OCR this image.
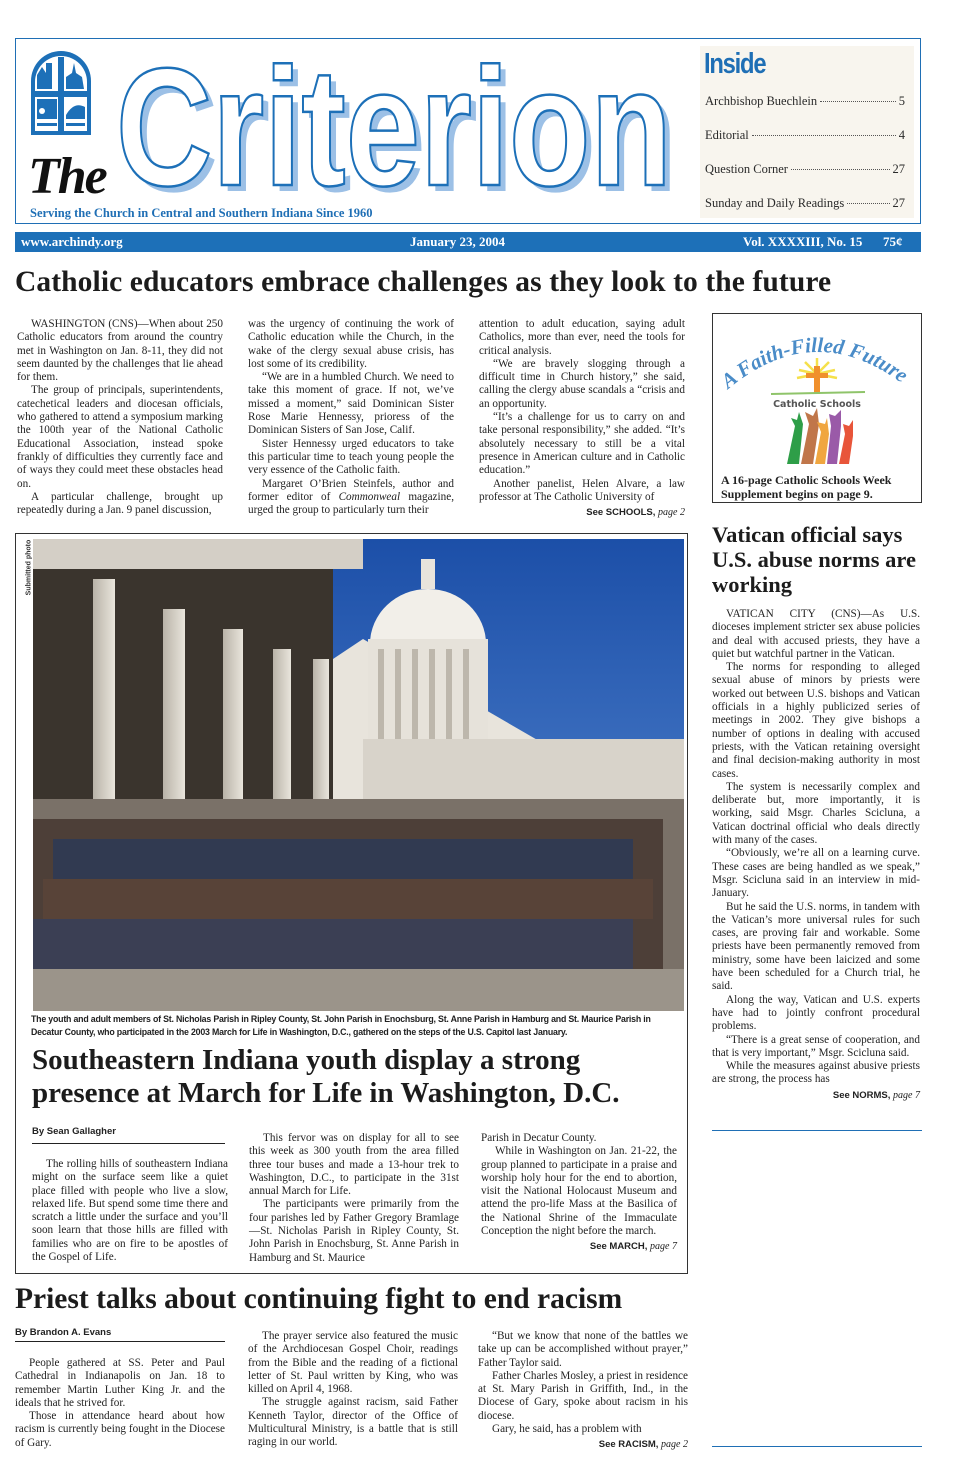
The Criterion
Criterion
Serving the Church in Central and Southern Indiana Since 1960
Inside
Archbishop Buechlein	5
Editorial	4
Question Corner	27
Sunday and Daily Readings	27
www.archindy.org	January 23, 2004	Vol. XXXXIII, No. 15 75¢
Catholic educators embrace challenges as they look to the future

WASHINGTON (CNS)—When about 250 Catholic educators from around the country met in Washington on Jan. 8-11, they did not seem daunted by the challenges that lie ahead for them.

The group of principals, superintendents, catechetical leaders and diocesan officials, who gathered to attend a symposium marking the 100th year of the National Catholic Educational Association, instead spoke frankly of difficulties they currently face and of ways they could meet these obstacles head on.

A particular challenge, brought up repeatedly during a Jan. 9 panel discussion,

was the urgency of continuing the work of Catholic education while the Church, in the wake of the clergy sexual abuse crisis, has lost some of its credibility.

“We are in a humbled Church. We need to take this moment of grace. If not, we’ve missed a moment,” said Dominican Sister Rose Marie Hennessy, prioress of the Dominican Sisters of San Jose, Calif.

Sister Hennessy urged educators to take this particular time to teach young people the very essence of the Catholic faith.

Margaret O’Brien Steinfels, author and former editor of Commonweal magazine, urged the group to particularly turn their

attention to adult education, saying adult Catholics, more than ever, need the tools for critical analysis.

“We are bravely slogging through a difficult time in Church history,” she said, calling the clergy abuse scandals a “crisis and an opportunity.

“It’s a challenge for us to carry on and take personal responsibility,” she added. “It’s absolutely necessary to still be a vital presence in American culture and in Catholic education.”

Another panelist, Helen Alvare, a law professor at The Catholic University of

See SCHOOLS, page 2
A Faith-Filled Future
Catholic Schools
A 16-page Catholic Schools Week Supplement begins on page 9.
Vatican official says U.S. abuse norms are working

VATICAN CITY (CNS)—As U.S. dioceses implement stricter sex abuse policies and deal with accused priests, they have a quiet but watchful partner in the Vatican.

The norms for responding to alleged sexual abuse of minors by priests were worked out between U.S. bishops and Vatican officials in a highly publicized series of meetings in 2002. They give bishops a number of options in dealing with accused priests, with the Vatican retaining oversight and final decision-making authority in most cases.

The system is necessarily complex and deliberate but, more importantly, it is working, said Msgr. Charles Scicluna, a Vatican doctrinal official who deals directly with many of the cases.

“Obviously, we’re all on a learning curve. These cases are being handled as we speak,” Msgr. Scicluna said in an interview in mid-January.

But he said the U.S. norms, in tandem with the Vatican’s more universal rules for such cases, are proving fair and workable. Some priests have been permanently removed from ministry, some have been laicized and some have been scheduled for a Church trial, he said.

Along the way, Vatican and U.S. experts have had to jointly confront procedural problems.

“There is a great sense of cooperation, and that is very important,” Msgr. Scicluna said.

While the measures against abusive priests are strong, the process has

See NORMS, page 7
Submitted photo
The youth and adult members of St. Nicholas Parish in Ripley County, St. John Parish in Enochsburg, St. Anne Parish in Hamburg and St. Maurice Parish in Decatur County, who participated in the 2003 March for Life in Washington, D.C., gathered on the steps of the U.S. Capitol last January.
Southeastern Indiana youth display a strong presence at March for Life in Washington, D.C.
By Sean Gallagher

The rolling hills of southeastern Indiana might on the surface seem like a quiet place filled with people who live a slow, relaxed life. But spend some time there and scratch a little under the surface and you’ll soon learn that those hills are filled with families who are on fire to be apostles of the Gospel of Life.

This fervor was on display for all to see this week as 300 youth from the area filled three tour buses and made a 13-hour trek to Washington, D.C., to participate in the 31st annual March for Life.

The participants were primarily from the four parishes led by Father Gregory Bramlage—St. Nicholas Parish in Ripley County, St. John Parish in Enochsburg, St. Anne Parish in Hamburg and St. Maurice

Parish in Decatur County.

While in Washington on Jan. 21-22, the group planned to participate in a praise and worship holy hour for the end to abortion, visit the National Holocaust Museum and attend the pro-life Mass at the Basilica of the National Shrine of the Immaculate Conception the night before the march.

See MARCH, page 7
Priest talks about continuing fight to end racism
By Brandon A. Evans

People gathered at SS. Peter and Paul Cathedral in Indianapolis on Jan. 18 to remember Martin Luther King Jr. and the ideals that he strived for.

Those in attendance heard about how racism is currently being fought in the Diocese of Gary.

The prayer service also featured the music of the Archdiocesan Gospel Choir, readings from the Bible and the reading of a fictional letter of St. Paul written by King, who was killed on April 4, 1968.

The struggle against racism, said Father Kenneth Taylor, director of the Office of Multicultural Ministry, is a battle that is still raging in our world.

“But we know that none of the battles we take up can be accomplished without prayer,” Father Taylor said.

Father Charles Mosley, a priest in residence at St. Mary Parish in Griffith, Ind., in the Diocese of Gary, spoke about racism in his diocese.

Gary, he said, has a problem with

See RACISM, page 2
